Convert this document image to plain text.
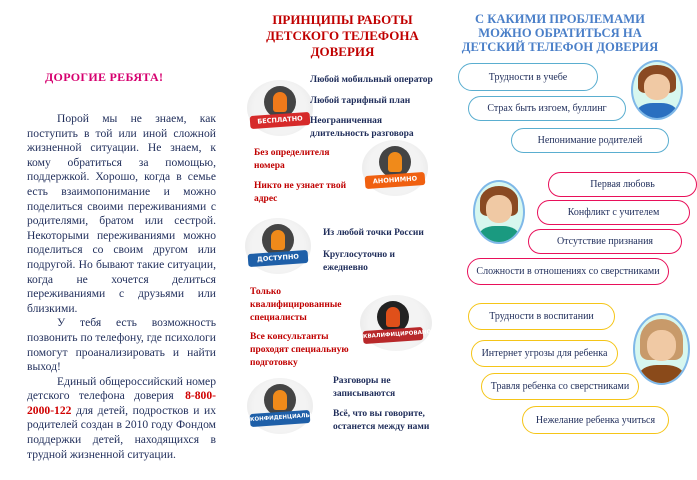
ДОРОГИЕ РЕБЯТА!

Порой мы не знаем, как поступить в той или иной сложной жизненной ситуации. Не знаем, к кому обратиться за помощью, поддержкой. Хорошо, когда в семье есть взаимопонимание и можно поделиться своими переживаниями с родителями, братом или сестрой. Некоторыми переживаниями можно поделиться со своим другом или подругой. Но бывают такие ситуации, когда не хочется делиться переживаниями с друзьями или близкими.

У тебя есть возможность позвонить по телефону, где психологи помогут проанализировать и найти выход!

Единый общероссийский номер детского телефона доверия 8-800-2000-122 для детей, подростков и их родителей создан в 2010 году Фондом поддержки детей, находящихся в трудной жизненной ситуации.

ПРИНЦИПЫ РАБОТЫ ДЕТСКОГО ТЕЛЕФОНА ДОВЕРИЯ
БЕСПЛАТНО
АНОНИМНО
ДОСТУПНО
КВАЛИФИЦИРОВАНО
КОНФИДЕНЦИАЛЬНО
Любой мобильный оператор
Любой тарифный план
Неограниченная длительность разговора
Без определителя номера
Никто не узнает твой адрес
Из любой точки России
Круглосуточно и ежедневно
Только квалифицированные специалисты
Все консультанты проходят специальную подготовку
Разговоры не записываются
Всё, что вы говорите, останется между нами
С КАКИМИ ПРОБЛЕМАМИ МОЖНО ОБРАТИТЬСЯ НА ДЕТСКИЙ ТЕЛЕФОН ДОВЕРИЯ
Трудности в учебе
Страх быть изгоем, буллинг
Непонимание родителей
Первая любовь
Конфликт с учителем
Отсутствие признания
Сложности в отношениях со сверстниками
Трудности в воспитании
Интернет угрозы для ребенка
Травля ребенка со сверстниками
Нежелание ребенка учиться
